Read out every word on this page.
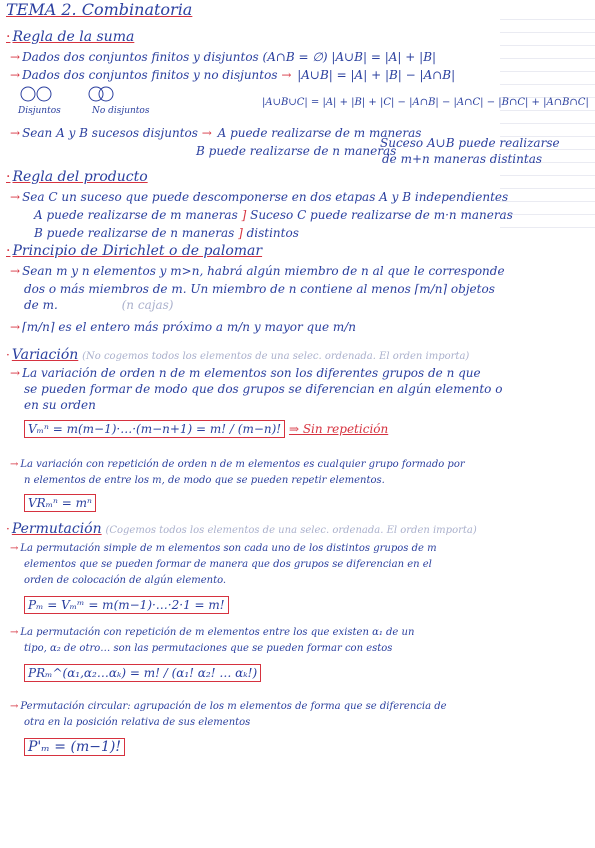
TEMA 2. Combinatoria
· Regla de la suma
→ Dados dos conjuntos finitos y disjuntos (A∩B = ∅) |A∪B| = |A| + |B|
→ Dados dos conjuntos finitos y no disjuntos → |A∪B| = |A| + |B| − |A∩B|
Disjuntos	No disjuntos
|A∪B∪C| = |A| + |B| + |C| − |A∩B| − |A∩C| − |B∩C| + |A∩B∩C|
→ Sean A y B sucesos disjuntos → A puede realizarse de m maneras
B puede realizarse de n maneras
Suceso A∪B puede realizarse
de m+n maneras distintas
· Regla del producto
→ Sea C un suceso que puede descomponerse en dos etapas A y B independientes
A puede realizarse de m maneras ] Suceso C puede realizarse de m·n maneras
B puede realizarse de n maneras ] distintos
· Principio de Dirichlet o de palomar
→ Sean m y n elementos y m>n, habrá algún miembro de n al que le corresponde
dos o más miembros de m. Un miembro de n contiene al menos ⌈m/n⌉ objetos
de m.	(n cajas)
→ ⌈m/n⌉ es el entero más próximo a m/n y mayor que m/n
· Variación (No cogemos todos los elementos de una selec. ordenada. El orden importa)
→ La variación de orden n de m elementos son los diferentes grupos de n que
se pueden formar de modo que dos grupos se diferencian en algún elemento o
en su orden
Vₘⁿ = m(m−1)·…·(m−n+1) = m! / (m−n)! ⇒ Sin repetición
→ La variación con repetición de orden n de m elementos es cualquier grupo formado por
n elementos de entre los m, de modo que se pueden repetir elementos.
VRₘⁿ = mⁿ
· Permutación (Cogemos todos los elementos de una selec. ordenada. El orden importa)
→ La permutación simple de m elementos son cada uno de los distintos grupos de m
elementos que se pueden formar de manera que dos grupos se diferencian en el
orden de colocación de algún elemento.
Pₘ = Vₘᵐ = m(m−1)·…·2·1 = m!
→ La permutación con repetición de m elementos entre los que existen α₁ de un
tipo, α₂ de otro… son las permutaciones que se pueden formar con estos
PRₘ^(α₁,α₂…αₖ) = m! / (α₁! α₂! … αₖ!)
→ Permutación circular: agrupación de los m elementos de forma que se diferencia de
otra en la posición relativa de sus elementos
P'ₘ = (m−1)!
